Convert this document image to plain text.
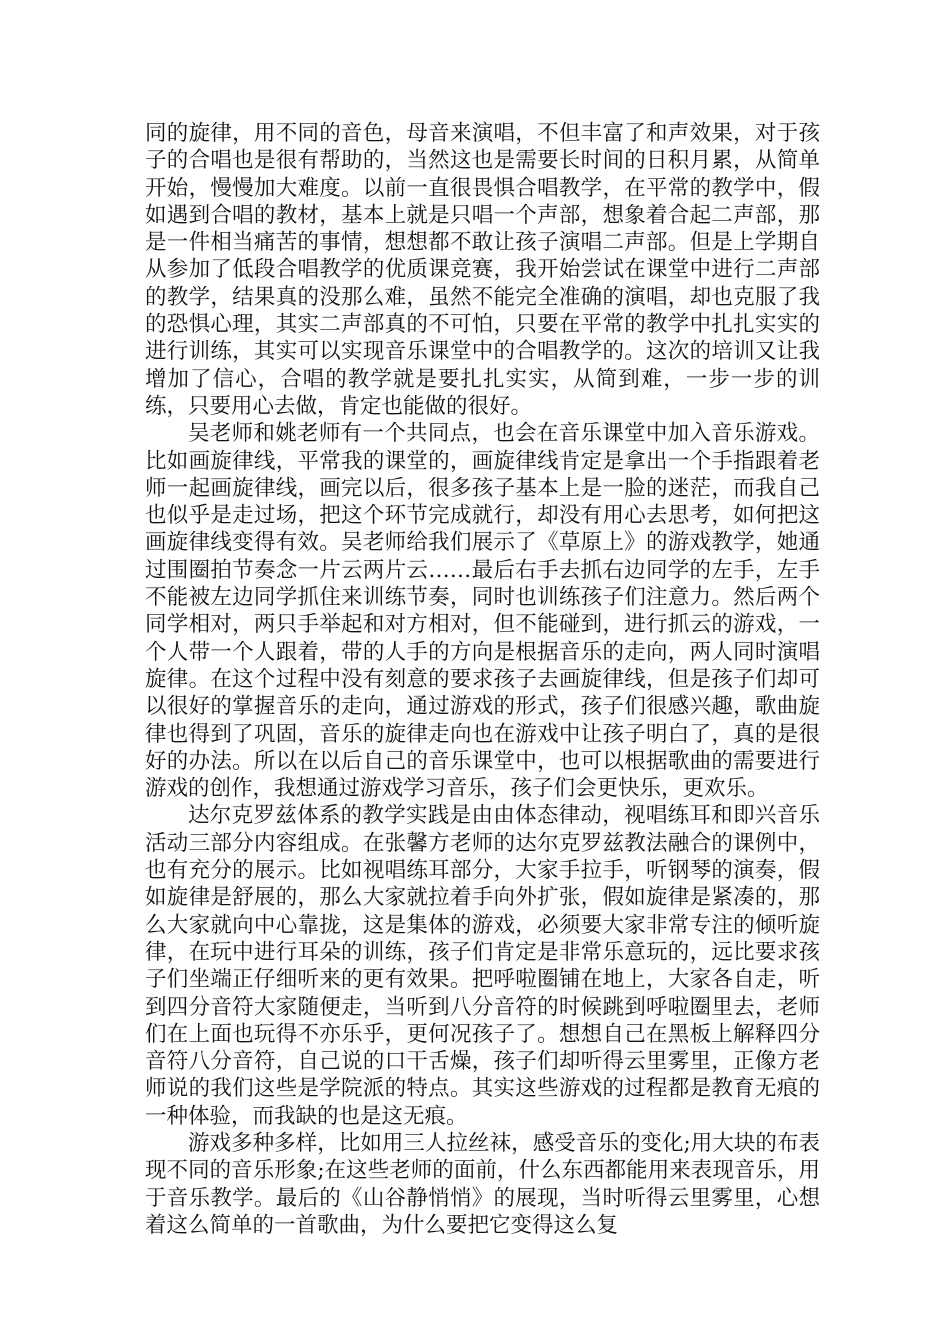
同的旋律，用不同的音色，母音来演唱，不但丰富了和声效果，对于孩子的合唱也是很有帮助的，当然这也是需要长时间的日积月累，从简单开始，慢慢加大难度。以前一直很畏惧合唱教学，在平常的教学中，假如遇到合唱的教材，基本上就是只唱一个声部，想象着合起二声部，那是一件相当痛苦的事情，想想都不敢让孩子演唱二声部。但是上学期自从参加了低段合唱教学的优质课竞赛，我开始尝试在课堂中进行二声部的教学，结果真的没那么难，虽然不能完全准确的演唱，却也克服了我的恐惧心理，其实二声部真的不可怕，只要在平常的教学中扎扎实实的进行训练，其实可以实现音乐课堂中的合唱教学的。这次的培训又让我增加了信心，合唱的教学就是要扎扎实实，从简到难，一步一步的训练，只要用心去做，肯定也能做的很好。

吴老师和姚老师有一个共同点，也会在音乐课堂中加入音乐游戏。比如画旋律线，平常我的课堂的，画旋律线肯定是拿出一个手指跟着老师一起画旋律线，画完以后，很多孩子基本上是一脸的迷茫，而我自己也似乎是走过场，把这个环节完成就行，却没有用心去思考，如何把这画旋律线变得有效。吴老师给我们展示了《草原上》的游戏教学，她通过围圈拍节奏念一片云两片云……最后右手去抓右边同学的左手，左手不能被左边同学抓住来训练节奏，同时也训练孩子们注意力。然后两个同学相对，两只手举起和对方相对，但不能碰到，进行抓云的游戏，一个人带一个人跟着，带的人手的方向是根据音乐的走向，两人同时演唱旋律。在这个过程中没有刻意的要求孩子去画旋律线，但是孩子们却可以很好的掌握音乐的走向，通过游戏的形式，孩子们很感兴趣，歌曲旋律也得到了巩固，音乐的旋律走向也在游戏中让孩子明白了，真的是很好的办法。所以在以后自己的音乐课堂中，也可以根据歌曲的需要进行游戏的创作，我想通过游戏学习音乐，孩子们会更快乐，更欢乐。

达尔克罗兹体系的教学实践是由由体态律动，视唱练耳和即兴音乐活动三部分内容组成。在张馨方老师的达尔克罗兹教法融合的课例中，也有充分的展示。比如视唱练耳部分，大家手拉手，听钢琴的演奏，假如旋律是舒展的，那么大家就拉着手向外扩张，假如旋律是紧凑的，那么大家就向中心靠拢，这是集体的游戏，必须要大家非常专注的倾听旋律，在玩中进行耳朵的训练，孩子们肯定是非常乐意玩的，远比要求孩子们坐端正仔细听来的更有效果。把呼啦圈铺在地上，大家各自走，听到四分音符大家随便走，当听到八分音符的时候跳到呼啦圈里去，老师们在上面也玩得不亦乐乎，更何况孩子了。想想自己在黑板上解释四分音符八分音符，自己说的口干舌燥，孩子们却听得云里雾里，正像方老师说的我们这些是学院派的特点。其实这些游戏的过程都是教育无痕的一种体验，而我缺的也是这无痕。

游戏多种多样，比如用三人拉丝袜，感受音乐的变化;用大块的布表现不同的音乐形象;在这些老师的面前，什么东西都能用来表现音乐，用于音乐教学。最后的《山谷静悄悄》的展现，当时听得云里雾里，心想着这么简单的一首歌曲，为什么要把它变得这么复
